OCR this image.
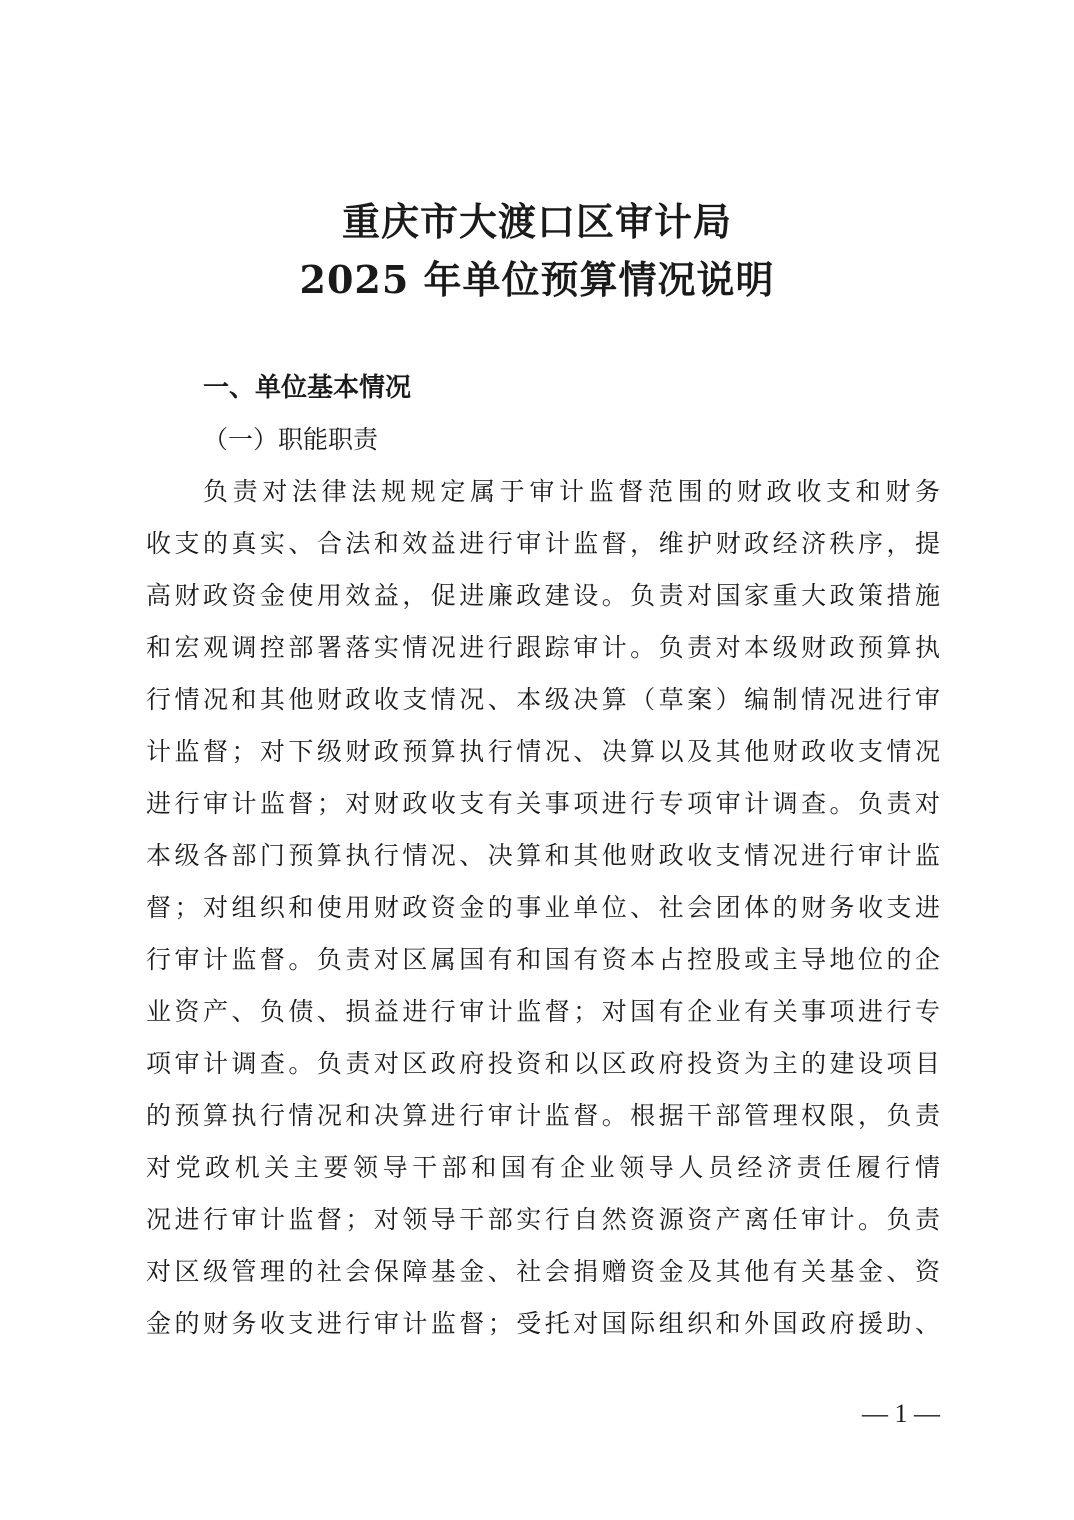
重庆市大渡口区审计局
2025 年单位预算情况说明
一、单位基本情况
（一）职能职责
负责对法律法规规定属于审计监督范围的财政收支和财务
收支的真实、合法和效益进行审计监督，维护财政经济秩序，提
高财政资金使用效益，促进廉政建设。负责对国家重大政策措施
和宏观调控部署落实情况进行跟踪审计。负责对本级财政预算执
行情况和其他财政收支情况、本级决算（草案）编制情况进行审
计监督；对下级财政预算执行情况、决算以及其他财政收支情况
进行审计监督；对财政收支有关事项进行专项审计调查。负责对
本级各部门预算执行情况、决算和其他财政收支情况进行审计监
督；对组织和使用财政资金的事业单位、社会团体的财务收支进
行审计监督。负责对区属国有和国有资本占控股或主导地位的企
业资产、负债、损益进行审计监督；对国有企业有关事项进行专
项审计调查。负责对区政府投资和以区政府投资为主的建设项目
的预算执行情况和决算进行审计监督。根据干部管理权限，负责
对党政机关主要领导干部和国有企业领导人员经济责任履行情
况进行审计监督；对领导干部实行自然资源资产离任审计。负责
对区级管理的社会保障基金、社会捐赠资金及其他有关基金、资
金的财务收支进行审计监督；受托对国际组织和外国政府援助、
— 1 —
